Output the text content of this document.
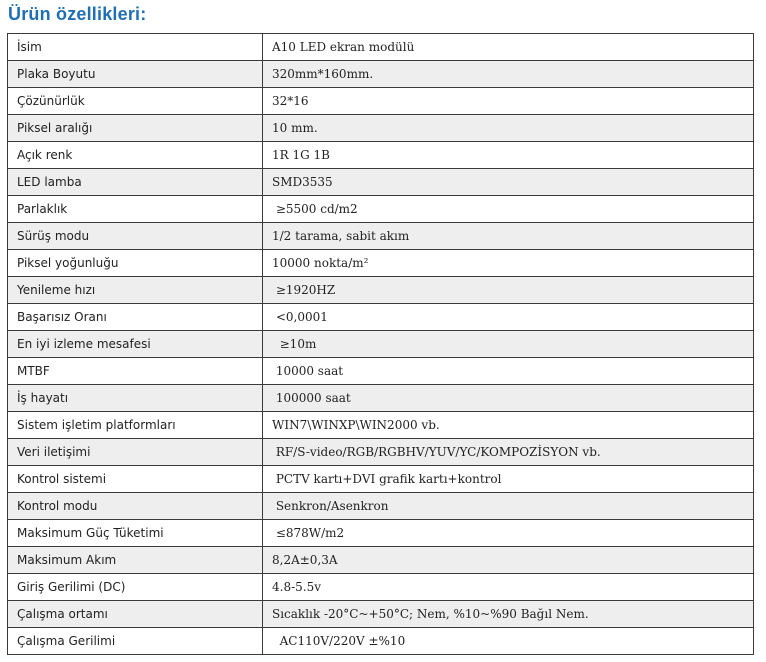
Ürün özellikleri:
İsim	A10 LED ekran modülü
Plaka Boyutu	320mm*160mm.
Çözünürlük	32*16
Piksel aralığı	10 mm.
Açık renk	1R 1G 1B
LED lamba	SMD3535
Parlaklık	≥5500 cd/m2
Sürüş modu	1/2 tarama, sabit akım
Piksel yoğunluğu	10000 nokta/m²
Yenileme hızı	≥1920HZ
Başarısız Oranı	<0,0001
En iyi izleme mesafesi	≥10m
MTBF	10000 saat
İş hayatı	100000 saat
Sistem işletim platformları	WIN7\WINXP\WIN2000 vb.
Veri iletişimi	RF/S-video/RGB/RGBHV/YUV/YC/KOMPOZİSYON vb.
Kontrol sistemi	PCTV kartı+DVI grafik kartı+kontrol
Kontrol modu	Senkron/Asenkron
Maksimum Güç Tüketimi	≤878W/m2
Maksimum Akım	8,2A±0,3A
Giriş Gerilimi (DC)	4.8-5.5v
Çalışma ortamı	Sıcaklık -20°C~+50°C; Nem, %10~%90 Bağıl Nem.
Çalışma Gerilimi	AC110V/220V ±%10
